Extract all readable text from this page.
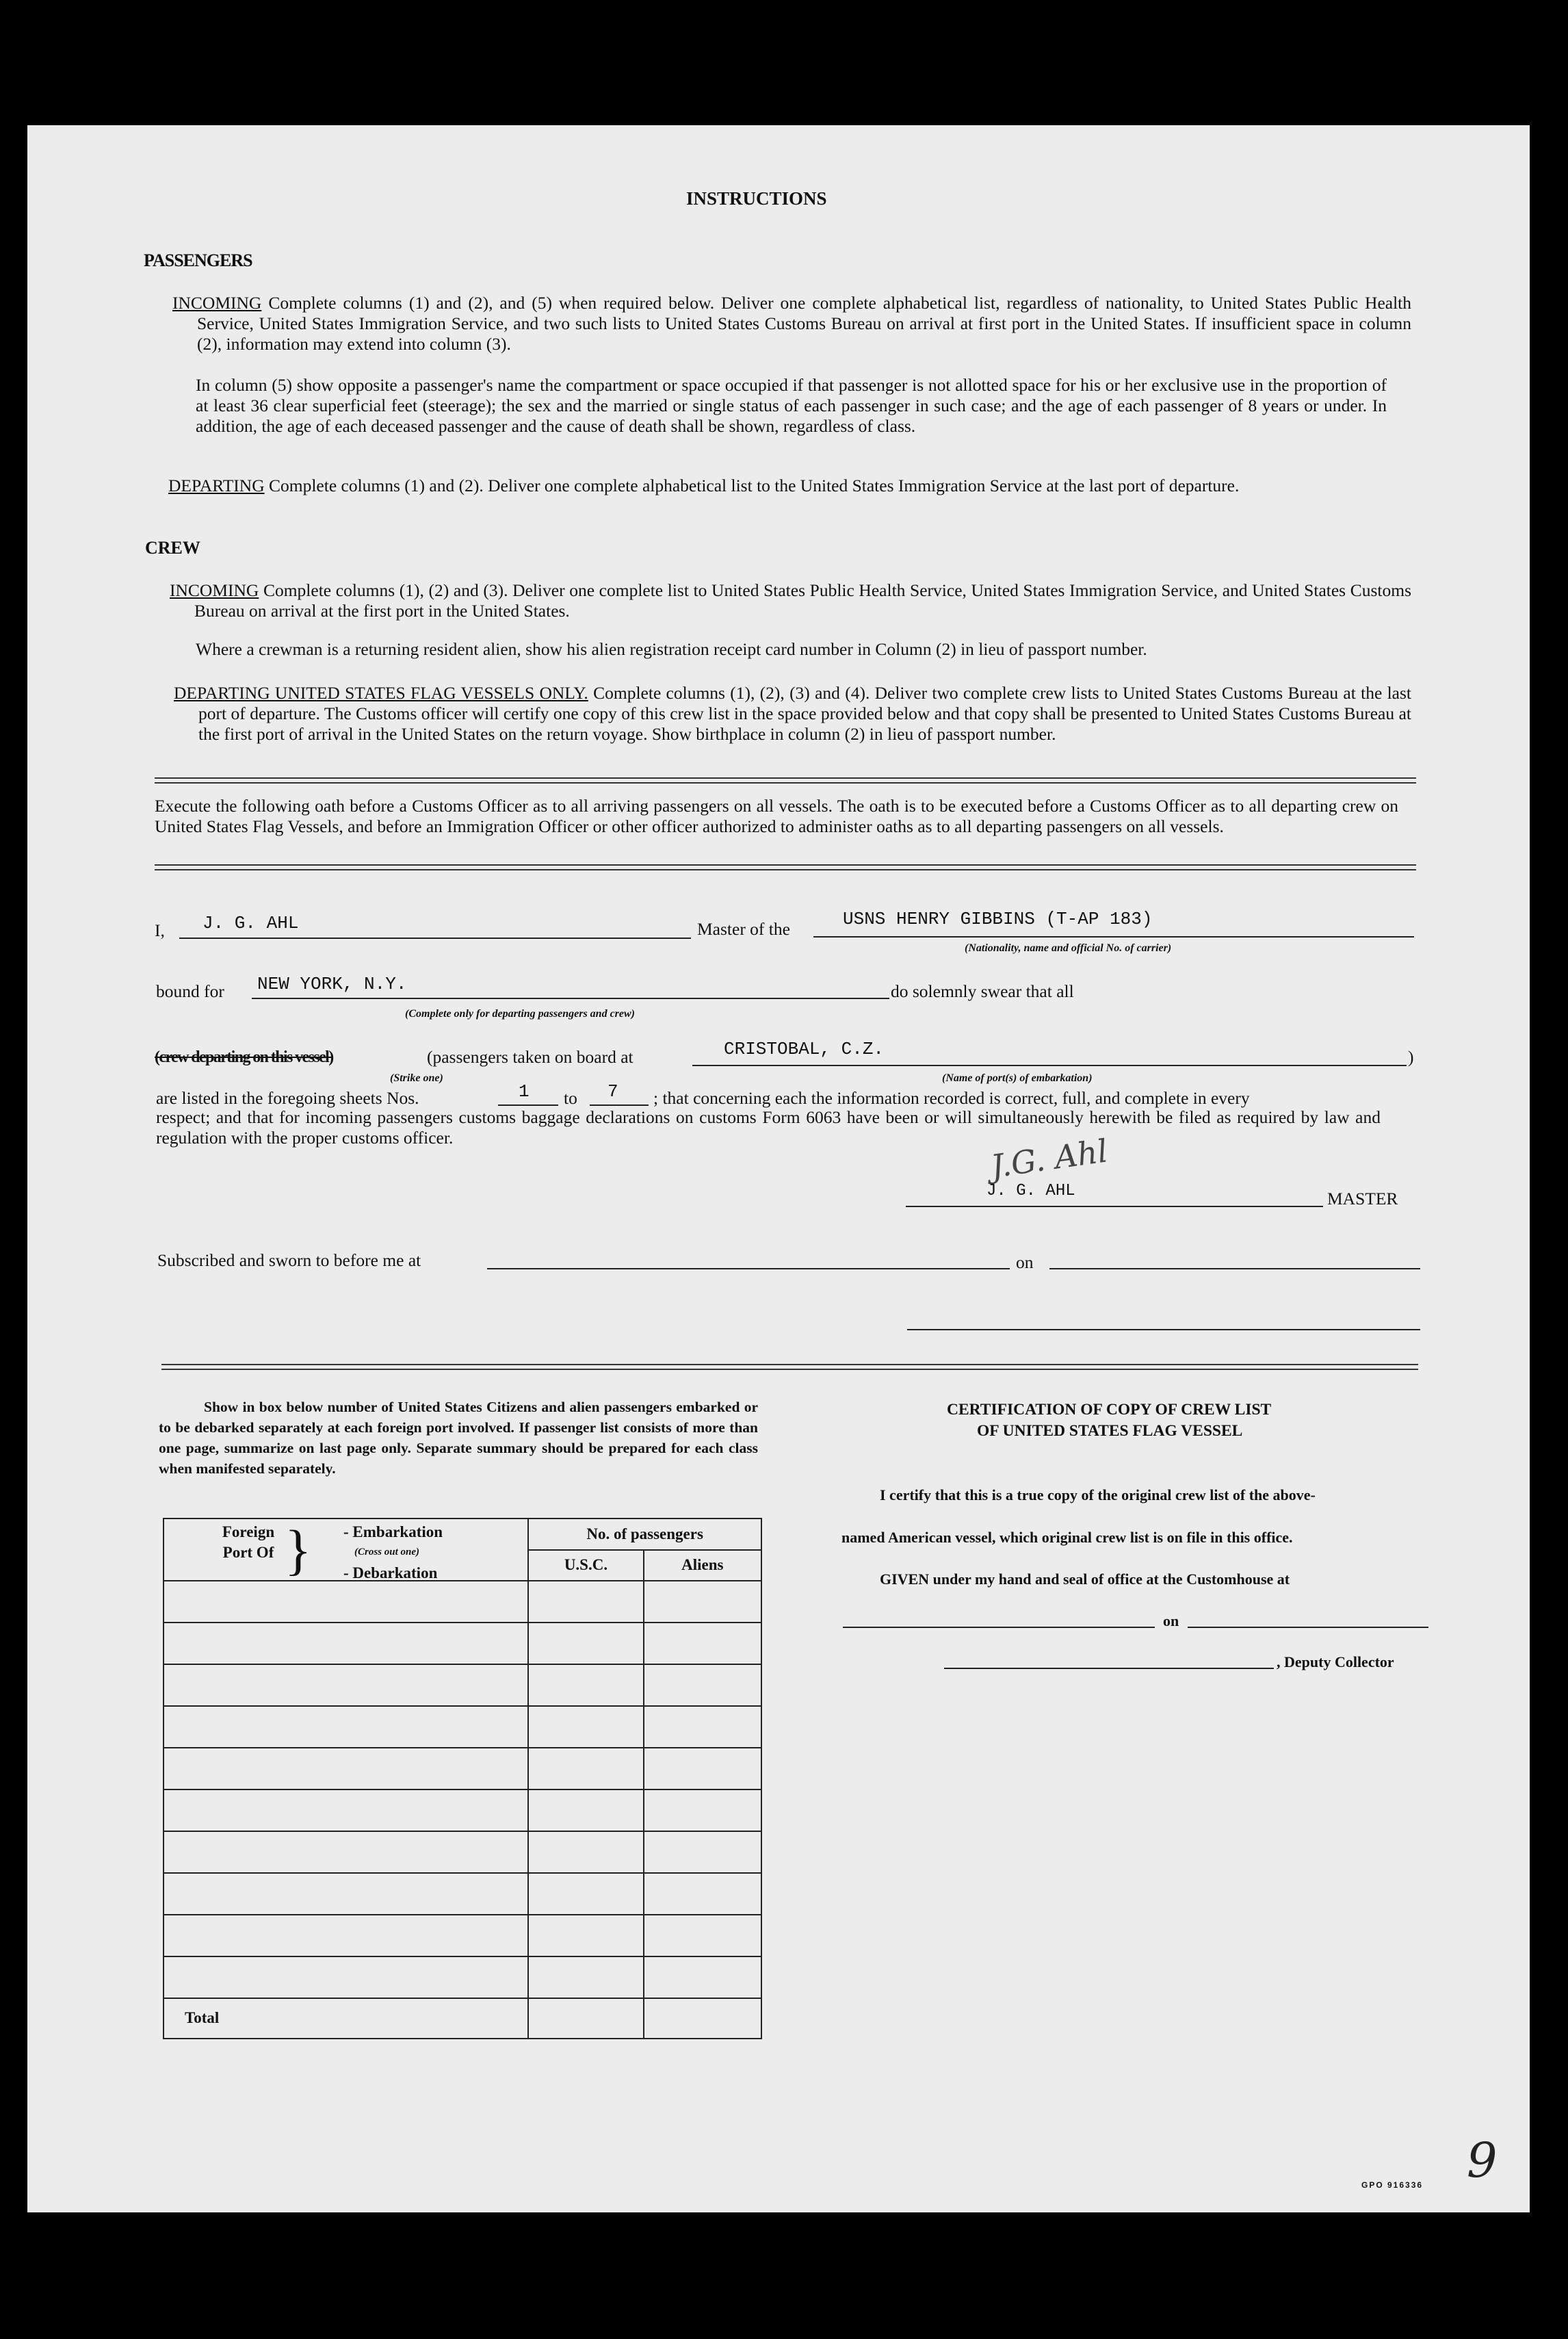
INSTRUCTIONS
PASSENGERS
INCOMING Complete columns (1) and (2), and (5) when required below. Deliver one complete alphabetical list, regardless of nationality, to United States Public Health Service, United States Immigration Service, and two such lists to United States Customs Bureau on arrival at first port in the United States. If insufficient space in column (2), information may extend into column (3).
In column (5) show opposite a passenger's name the compartment or space occupied if that passenger is not allotted space for his or her exclusive use in the proportion of at least 36 clear superficial feet (steerage); the sex and the married or single status of each passenger in such case; and the age of each passenger of 8 years or under. In addition, the age of each deceased passenger and the cause of death shall be shown, regardless of class.
DEPARTING Complete columns (1) and (2). Deliver one complete alphabetical list to the United States Immigration Service at the last port of departure.
CREW
INCOMING Complete columns (1), (2) and (3). Deliver one complete list to United States Public Health Service, United States Immigration Service, and United States Customs Bureau on arrival at the first port in the United States.
Where a crewman is a returning resident alien, show his alien registration receipt card number in Column (2) in lieu of passport number.
DEPARTING UNITED STATES FLAG VESSELS ONLY. Complete columns (1), (2), (3) and (4). Deliver two complete crew lists to United States Customs Bureau at the last port of departure. The Customs officer will certify one copy of this crew list in the space provided below and that copy shall be presented to United States Customs Bureau at the first port of arrival in the United States on the return voyage. Show birthplace in column (2) in lieu of passport number.
Execute the following oath before a Customs Officer as to all arriving passengers on all vessels. The oath is to be executed before a Customs Officer as to all departing crew on United States Flag Vessels, and before an Immigration Officer or other officer authorized to administer oaths as to all departing passengers on all vessels.
I, J. G. AHL	Master of the	USNS HENRY GIBBINS (T-AP 183)
(Nationality, name and official No. of carrier)
bound for NEW YORK, N.Y.
(Complete only for departing passengers and crew)
do solemnly swear that all
(crew departing on this vessel)	(passengers taken on board at
(Strike one)
CRISTOBAL, C.Z.
(Name of port(s) of embarkation)
)
are listed in the foregoing sheets Nos.	1 to 7 ; that concerning each the information recorded is correct, full, and complete in every
respect; and that for incoming passengers customs baggage declarations on customs Form 6063 have been or will simultaneously herewith be filed as required by law and regulation with the proper customs officer.	J.G. Ahl
J. G. AHL	MASTER
Subscribed and sworn to before me at	on
Show in box below number of United States Citizens and alien passengers embarked or to be debarked separately at each foreign port involved. If passenger list consists of more than one page, summarize on last page only. Separate summary should be prepared for each class when manifested separately.
Foreign Port Of } - Embarkation
(Cross out one)
- Debarkation	No. of passengers	
	U.S.C.	Aliens

Total		
CERTIFICATION OF COPY OF CREW LIST
OF UNITED STATES FLAG VESSEL
I certify that this is a true copy of the original crew list of the above-
named American vessel, which original crew list is on file in this office.
GIVEN under my hand and seal of office at the Customhouse at
on
, Deputy Collector
GPO 916336 9
